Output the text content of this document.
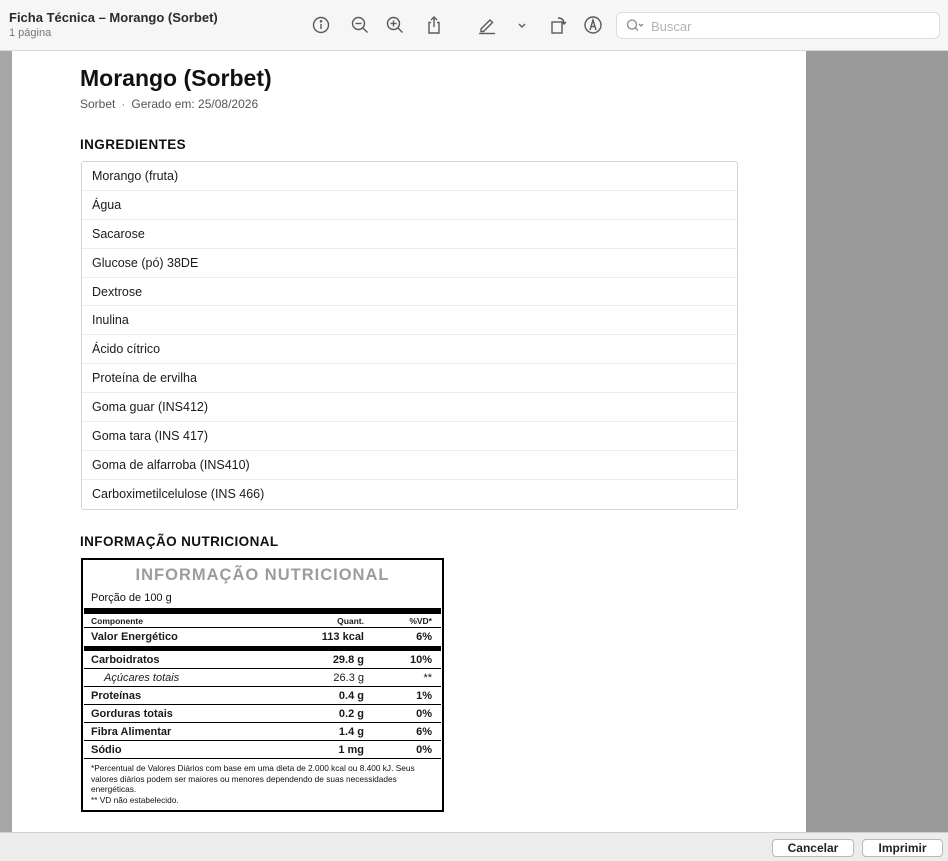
Ficha Técnica – Morango (Sorbet)
1 página
Buscar
Morango (Sorbet)
Sorbet · Gerado em: 25/08/2026
INGREDIENTES
Morango (fruta)
Água
Sacarose
Glucose (pó) 38DE
Dextrose
Inulina
Ácido cítrico
Proteína de ervilha
Goma guar (INS412)
Goma tara (INS 417)
Goma de alfarroba (INS410)
Carboximetilcelulose (INS 466)
INFORMAÇÃO NUTRICIONAL
INFORMAÇÃO NUTRICIONAL
Porção de 100 g
Componente	Quant.	%VD*
Valor Energético	113 kcal	6%
Carboidratos	29.8 g	10%
Açúcares totais	26.3 g	**
Proteínas	0.4 g	1%
Gorduras totais	0.2 g	0%
Fibra Alimentar	1.4 g	6%
Sódio	1 mg	0%

*Percentual de Valores Diários com base em uma dieta de 2.000 kcal ou 8.400 kJ. Seus valores diários podem ser maiores ou menores dependendo de suas necessidades energéticas.

** VD não estabelecido.

Cancelar	Imprimir
